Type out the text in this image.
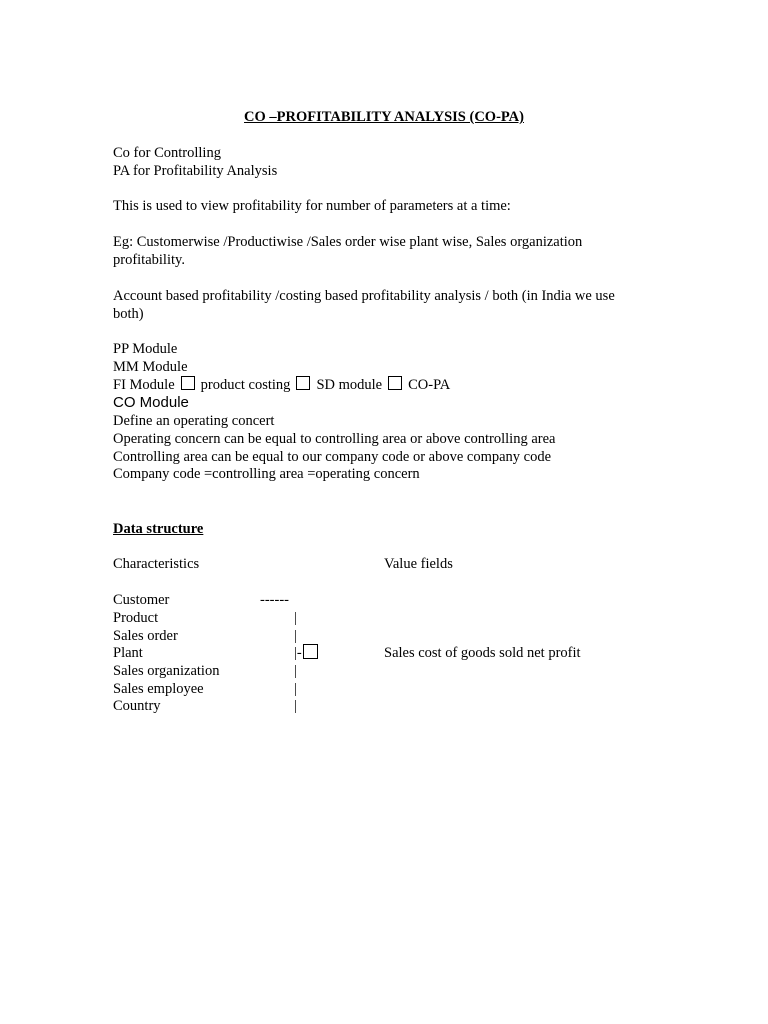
CO –PROFITABILITY ANALYSIS (CO-PA)
Co for Controlling
PA for Profitability Analysis
This is used to view profitability for number of parameters at a time:
Eg: Customerwise /Productiwise /Sales order wise plant wise, Sales organization
profitability.
Account based profitability /costing based profitability analysis / both (in India we use
both)
PP Module
MM Module
FI Module product costing SD module CO-PA
CO Module
Define an operating concert
Operating concern can be equal to controlling area or above controlling area
Controlling area can be equal to our company code or above company code
Company code =controlling area =operating concern
Data structure
Characteristics	Value fields
Customer
Product
Sales order
Plant
Sales organization
Sales employee
Country
------
|
|
|-
|
|
|
Sales cost of goods sold net profit
